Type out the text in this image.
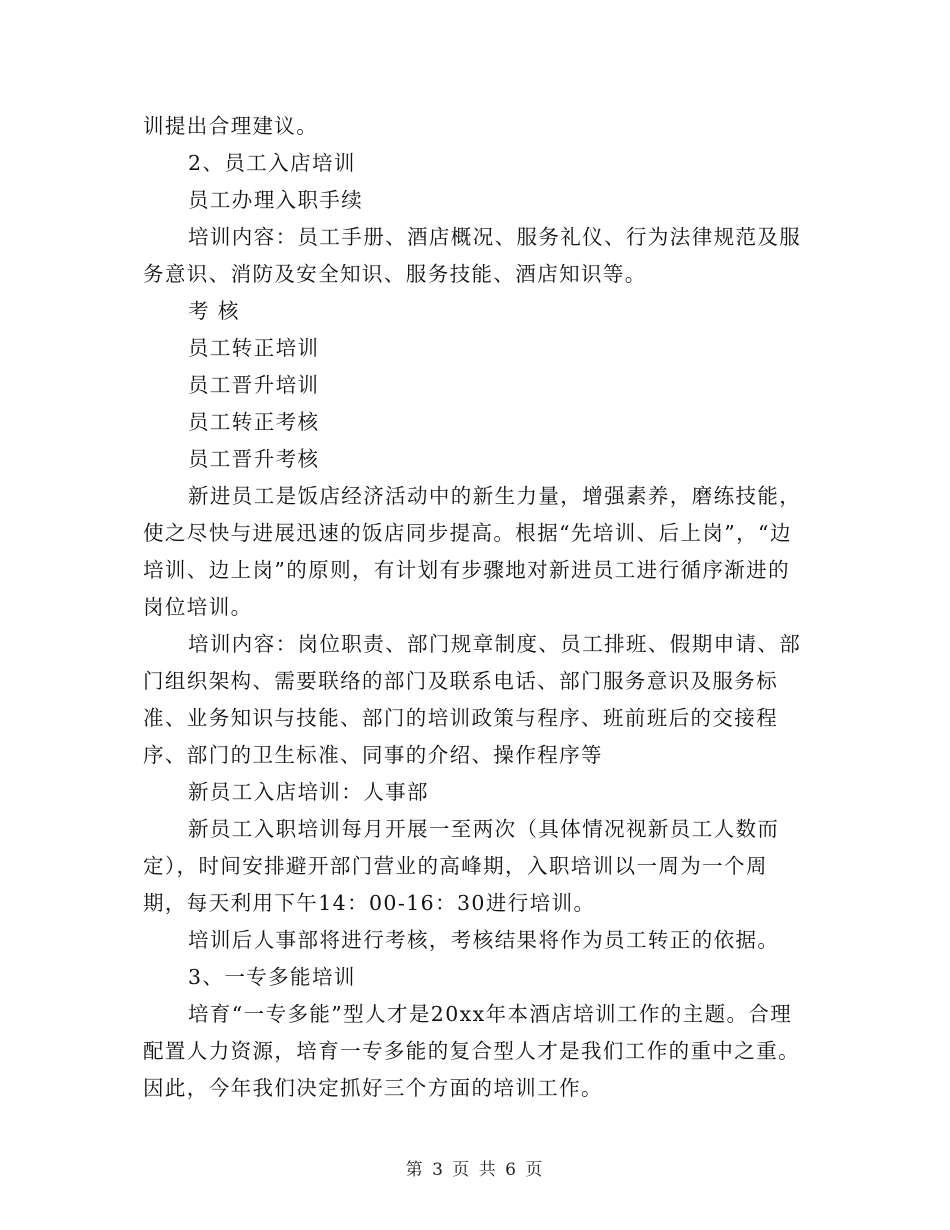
训提出合理建议。

2、员工入店培训

员工办理入职手续

培训内容：员工手册、酒店概况、服务礼仪、行为法律规范及服务意识、消防及安全知识、服务技能、酒店知识等。

考 核

员工转正培训

员工晋升培训

员工转正考核

员工晋升考核

新进员工是饭店经济活动中的新生力量，增强素养，磨练技能，使之尽快与进展迅速的饭店同步提高。根据“先培训、后上岗”，“边培训、边上岗”的原则，有计划有步骤地对新进员工进行循序渐进的岗位培训。

培训内容：岗位职责、部门规章制度、员工排班、假期申请、部门组织架构、需要联络的部门及联系电话、部门服务意识及服务标准、业务知识与技能、部门的培训政策与程序、班前班后的交接程序、部门的卫生标准、同事的介绍、操作程序等

新员工入店培训：人事部

新员工入职培训每月开展一至两次（具体情况视新员工人数而定），时间安排避开部门营业的高峰期，入职培训以一周为一个周期，每天利用下午14：00-16：30进行培训。

培训后人事部将进行考核，考核结果将作为员工转正的依据。

3、一专多能培训

培育“一专多能”型人才是20xx年本酒店培训工作的主题。合理配置人力资源，培育一专多能的复合型人才是我们工作的重中之重。因此，今年我们决定抓好三个方面的培训工作。

第 3 页 共 6 页
